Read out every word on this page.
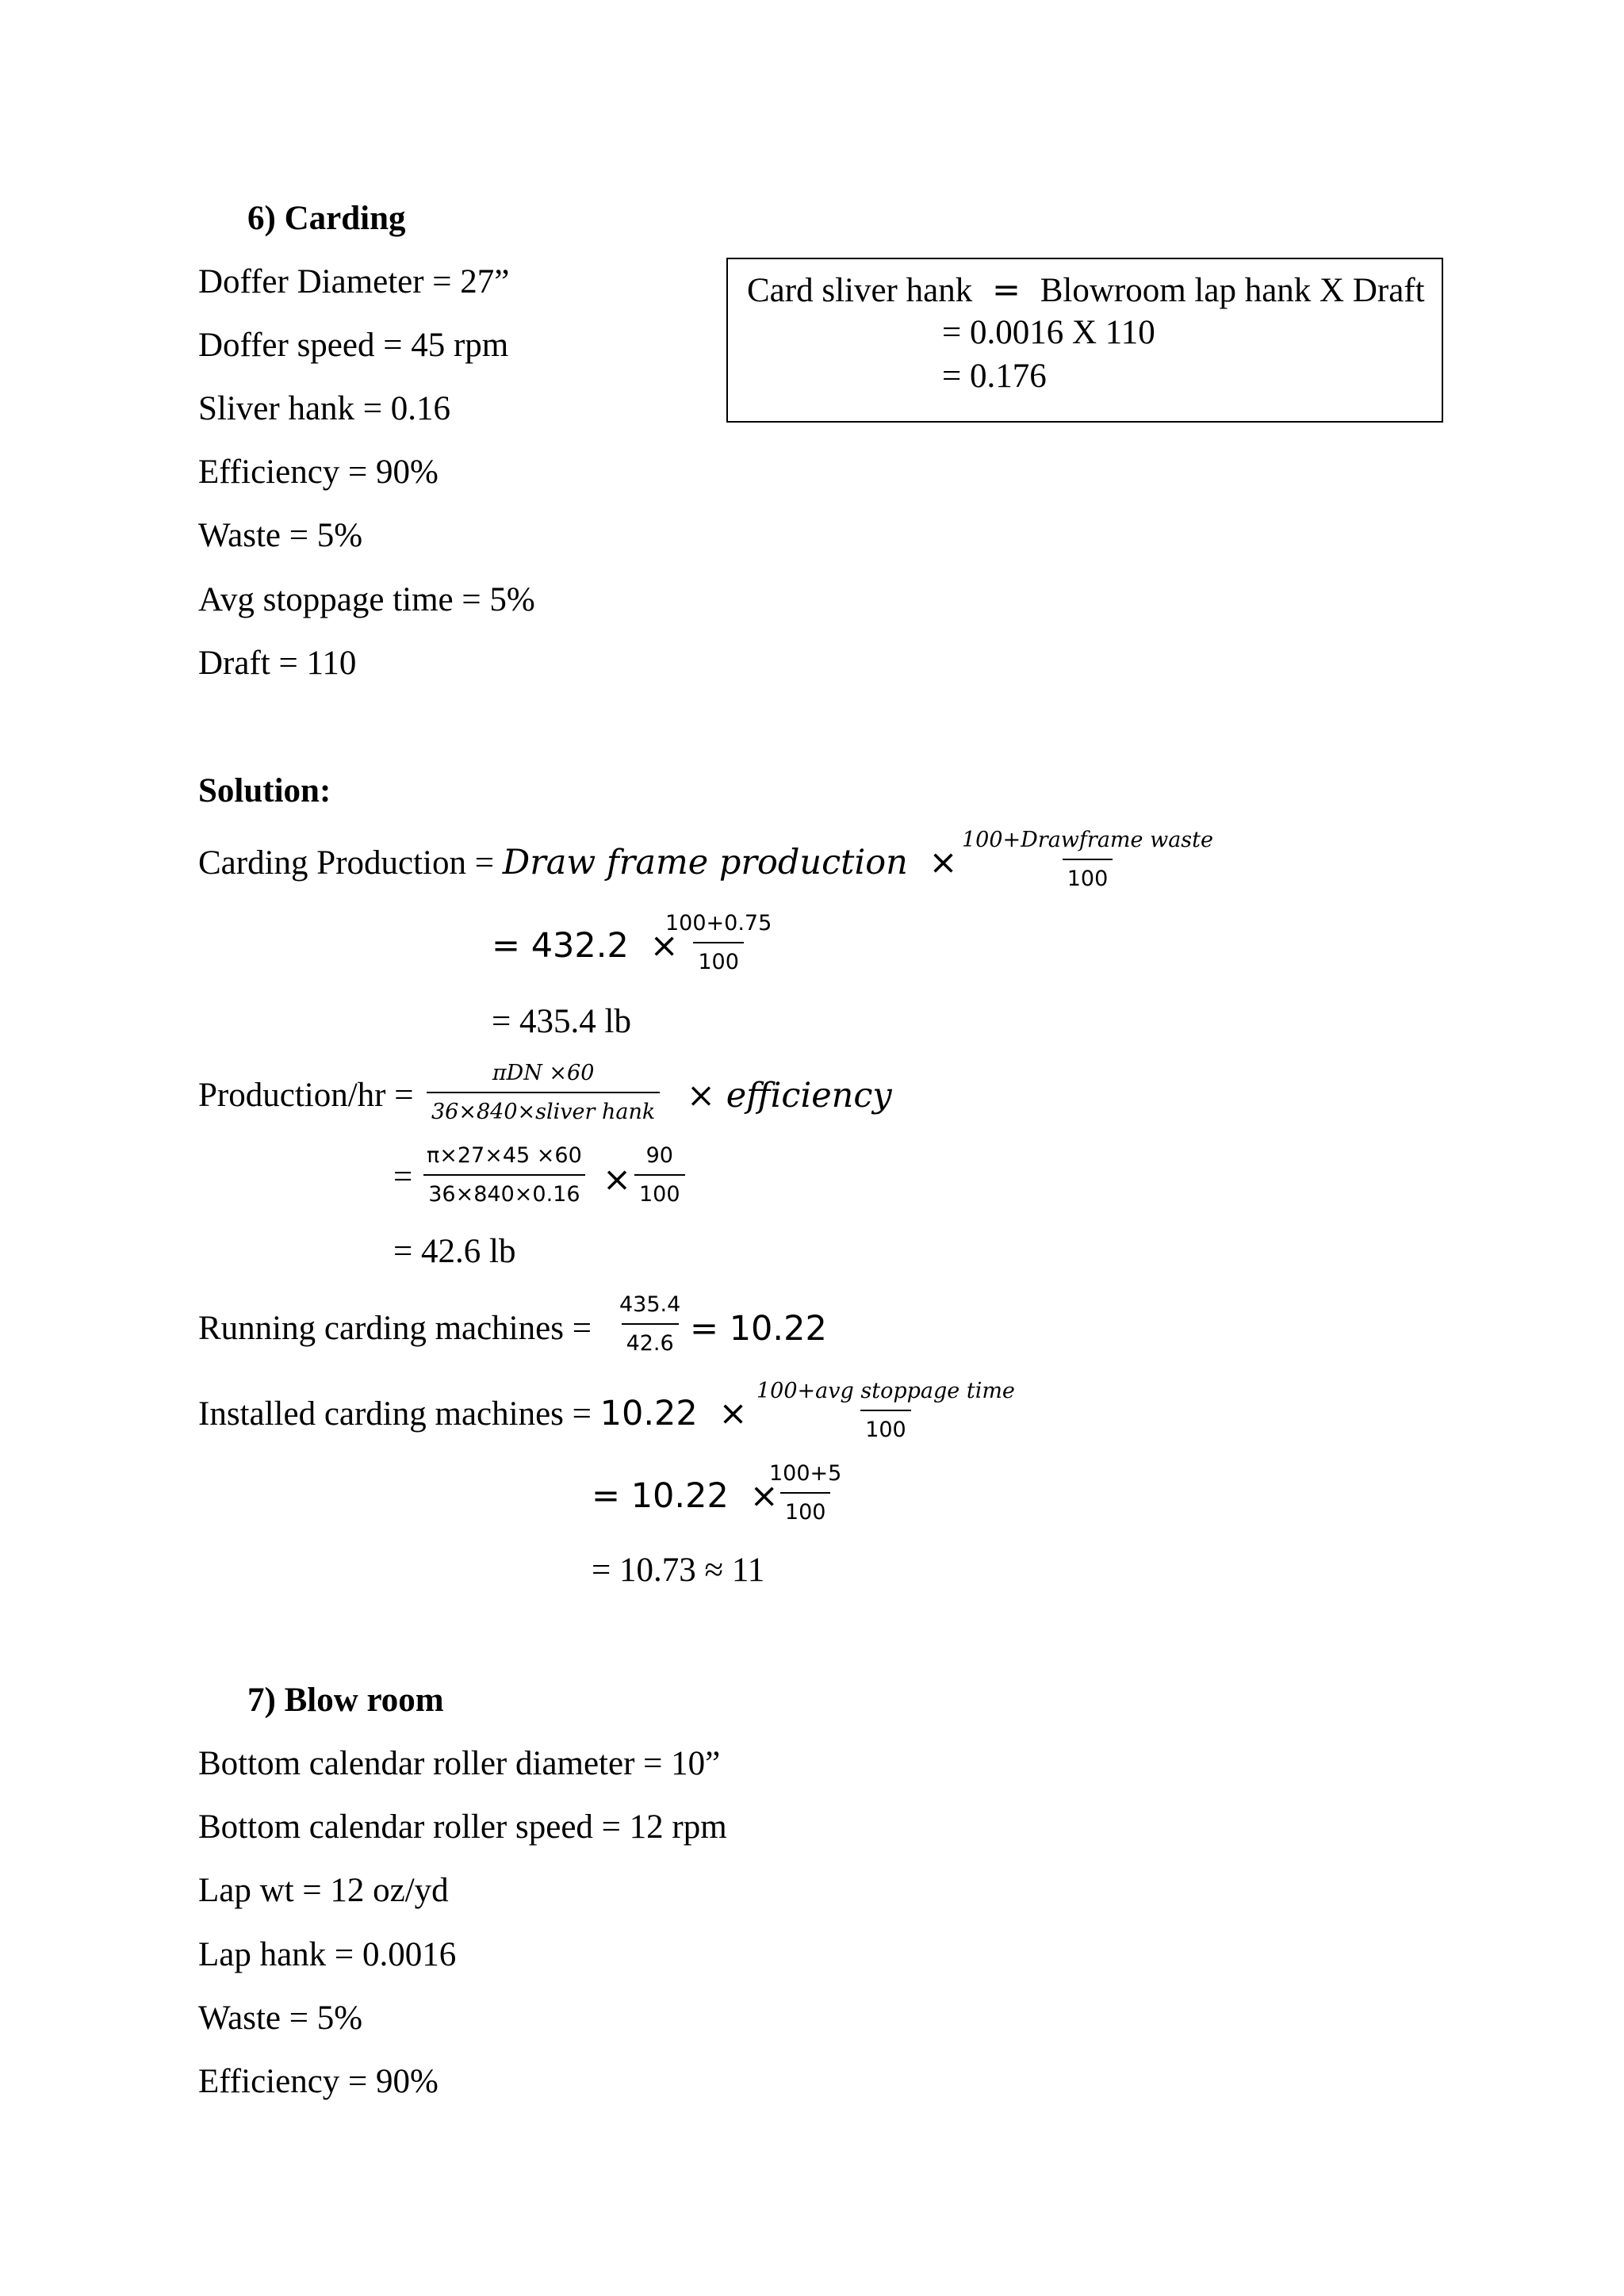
6) Carding
Doffer Diameter = 27”
Doffer speed = 45 rpm
Sliver hank = 0.16
Efficiency = 90%
Waste = 5%
Avg stoppage time = 5%
Draft = 110
Card sliver hank = Blowroom lap hank X Draft
= 0.0016 X 110
= 0.176
Solution:
Carding Production = Draw frame production ×
100+Drawframe waste
100
= 432.2 ×
$\frac{100+0.75}{100}$
= 435.4 lb
Production/hr =
πDN ×60
36×840×sliver hank × efficiency
= $\frac{\pi\times 27\times 45 \times 60}{36\times 840\times 0.16} \times \frac{90}{100}$
= 42.6 lb
Running carding machines = $\frac{435.4}{42.6} = 10.22$
Installed carding machines = 10.22 ×
100+avg stoppage time
100
= 10.22 ×
$\frac{100+5}{100}$
= 10.73 ≈ 11
7) Blow room
Bottom calendar roller diameter = 10”
Bottom calendar roller speed = 12 rpm
Lap wt = 12 oz/yd
Lap hank = 0.0016
Waste = 5%
Efficiency = 90%
